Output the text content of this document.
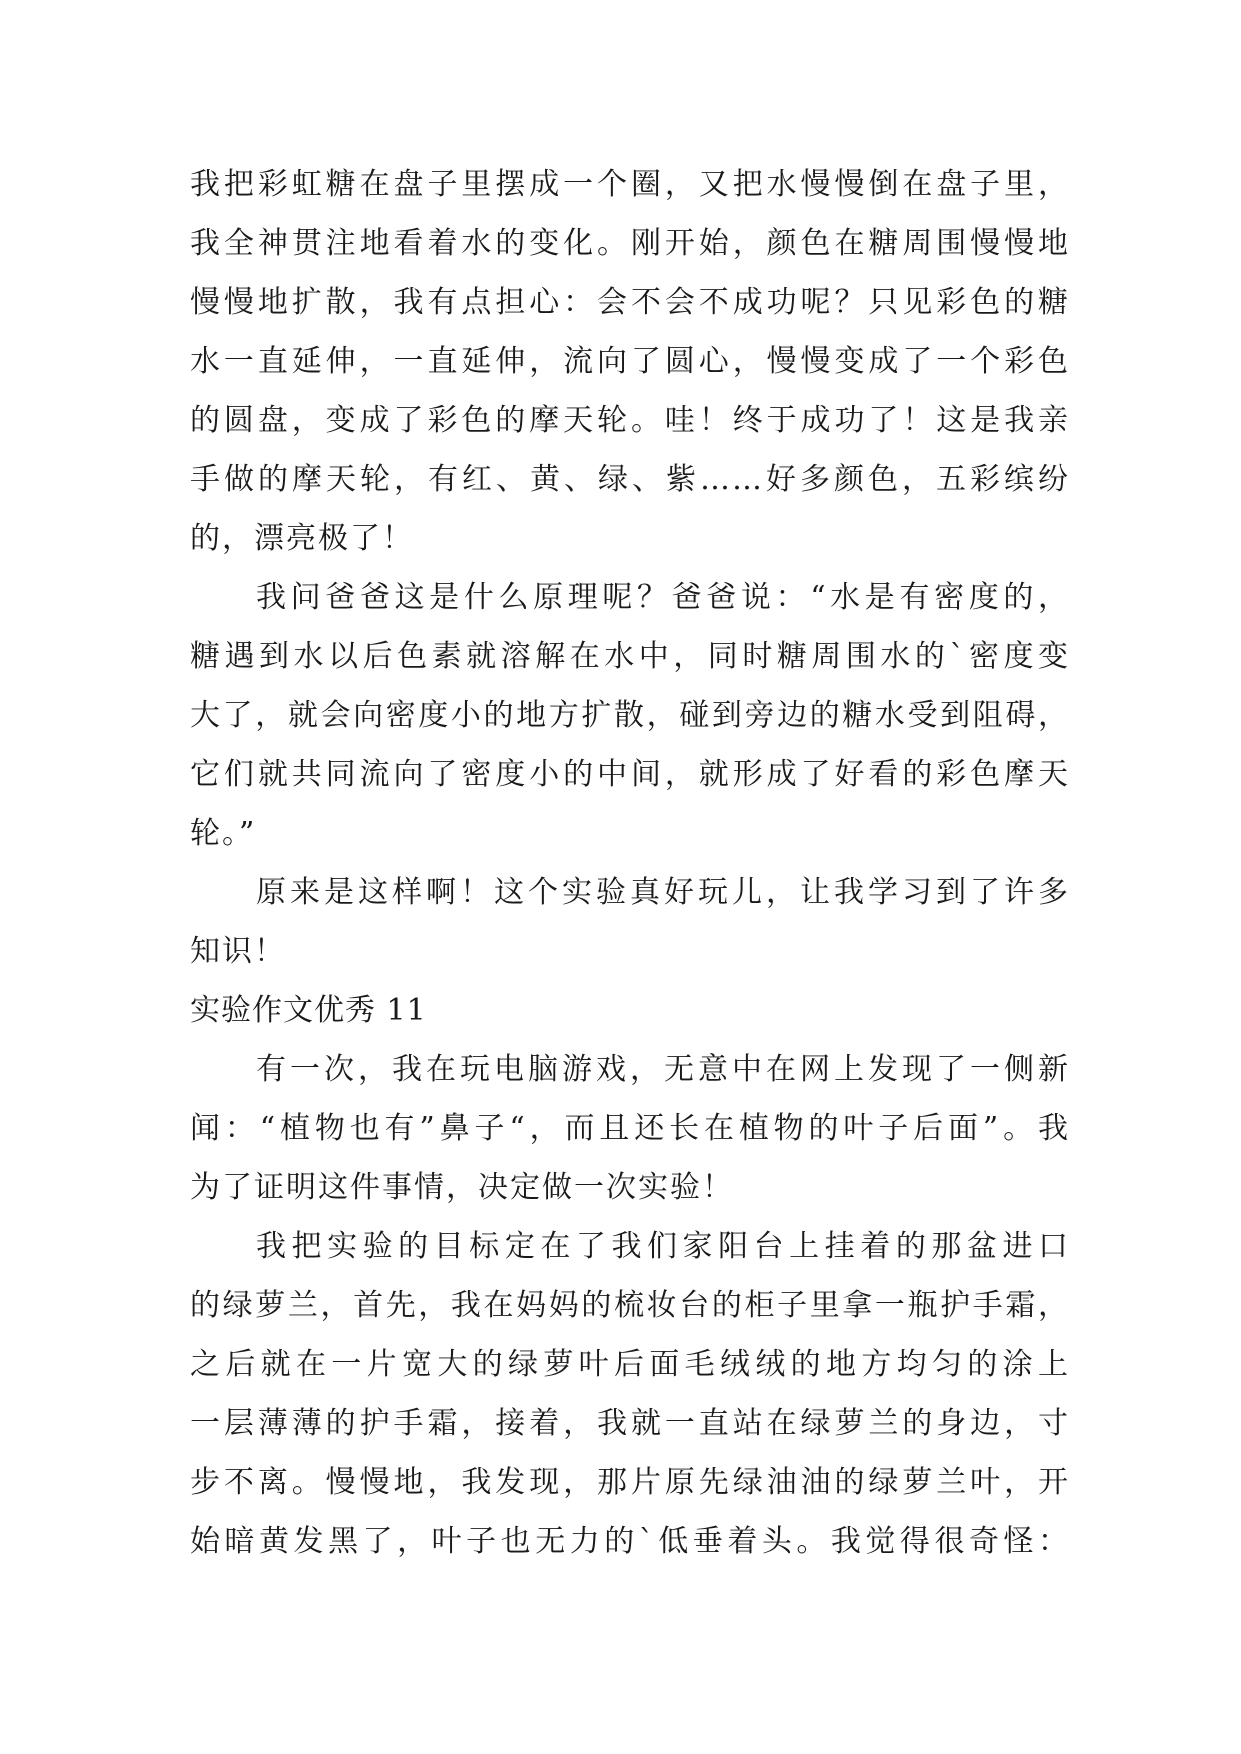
我把彩虹糖在盘子里摆成一个圈，又把水慢慢倒在盘子里，
我全神贯注地看着水的变化。刚开始，颜色在糖周围慢慢地
慢慢地扩散，我有点担心：会不会不成功呢？只见彩色的糖
水一直延伸，一直延伸，流向了圆心，慢慢变成了一个彩色
的圆盘，变成了彩色的摩天轮。哇！终于成功了！这是我亲
手做的摩天轮，有红、黄、绿、紫……好多颜色，五彩缤纷
的，漂亮极了！
我问爸爸这是什么原理呢？爸爸说：“水是有密度的，
糖遇到水以后色素就溶解在水中，同时糖周围水的`密度变
大了，就会向密度小的地方扩散，碰到旁边的糖水受到阻碍，
它们就共同流向了密度小的中间，就形成了好看的彩色摩天
轮。”
原来是这样啊！这个实验真好玩儿，让我学习到了许多
知识！
实验作文优秀 11
有一次，我在玩电脑游戏，无意中在网上发现了一侧新
闻：“植物也有”鼻子“，而且还长在植物的叶子后面”。我
为了证明这件事情，决定做一次实验！
我把实验的目标定在了我们家阳台上挂着的那盆进口
的绿萝兰，首先，我在妈妈的梳妆台的柜子里拿一瓶护手霜，
之后就在一片宽大的绿萝叶后面毛绒绒的地方均匀的涂上
一层薄薄的护手霜，接着，我就一直站在绿萝兰的身边，寸
步不离。慢慢地，我发现，那片原先绿油油的绿萝兰叶，开
始暗黄发黑了，叶子也无力的`低垂着头。我觉得很奇怪：
